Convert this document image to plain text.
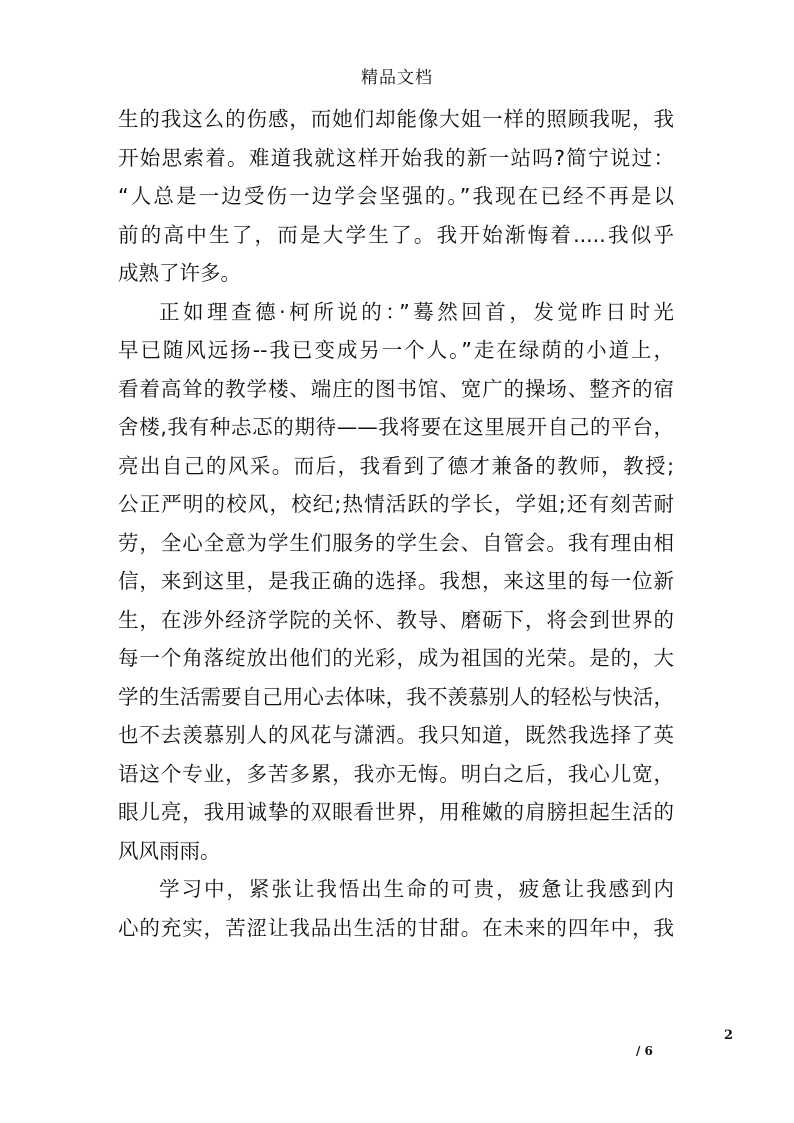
精品文档
生的我这么的伤感，而她们却能像大姐一样的照顾我呢，我
开始思索着。难道我就这样开始我的新一站吗?简宁说过：
“人总是一边受伤一边学会坚强的。”我现在已经不再是以
前的高中生了，而是大学生了。我开始渐悔着.....我似乎
成熟了许多。
正如理查德·柯所说的：”蓦然回首，发觉昨日时光
早已随风远扬--我已变成另一个人。”走在绿荫的小道上，
看着高耸的教学楼、端庄的图书馆、宽广的操场、整齐的宿
舍楼,我有种忐忑的期待——我将要在这里展开自己的平台，
亮出自己的风采。而后，我看到了德才兼备的教师，教授;
公正严明的校风，校纪;热情活跃的学长，学姐;还有刻苦耐
劳，全心全意为学生们服务的学生会、自管会。我有理由相
信，来到这里，是我正确的选择。我想，来这里的每一位新
生，在涉外经济学院的关怀、教导、磨砺下，将会到世界的
每一个角落绽放出他们的光彩，成为祖国的光荣。是的，大
学的生活需要自己用心去体味，我不羡慕别人的轻松与快活，
也不去羡慕别人的风花与潇洒。我只知道，既然我选择了英
语这个专业，多苦多累，我亦无悔。明白之后，我心儿宽，
眼儿亮，我用诚挚的双眼看世界，用稚嫩的肩膀担起生活的
风风雨雨。
学习中，紧张让我悟出生命的可贵，疲惫让我感到内
心的充实，苦涩让我品出生活的甘甜。在未来的四年中，我
2
/ 6
